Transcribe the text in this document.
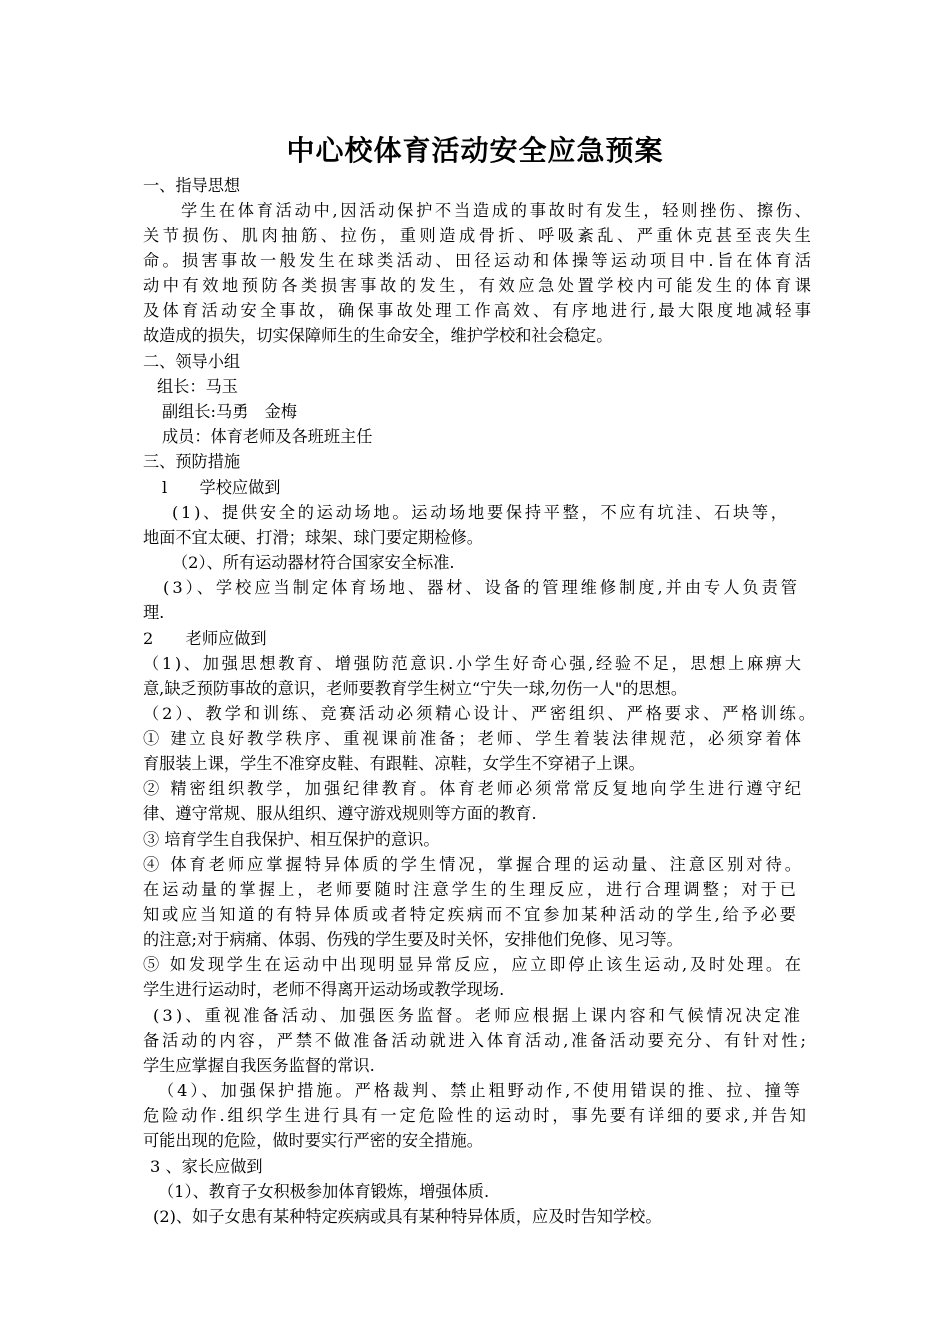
中心校体育活动安全应急预案
一、指导思想
学生在体育活动中,因活动保护不当造成的事故时有发生，轻则挫伤、擦伤、
关节损伤、肌肉抽筋、拉伤，重则造成骨折、呼吸紊乱、严重休克甚至丧失生
命。损害事故一般发生在球类活动、田径运动和体操等运动项目中.旨在体育活
动中有效地预防各类损害事故的发生，有效应急处置学校内可能发生的体育课
及体育活动安全事故，确保事故处理工作高效、有序地进行,最大限度地减轻事
故造成的损失，切实保障师生的生命安全，维护学校和社会稳定。
二、领导小组
组长：马玉
副组长:马勇　金梅
成员：体育老师及各班班主任
三、预防措施
l　　学校应做到
(1)、提供安全的运动场地。运动场地要保持平整，不应有坑洼、石块等，
地面不宜太硬、打滑；球架、球门要定期检修。
（2）、所有运动器材符合国家安全标准.
(3）、学校应当制定体育场地、器材、设备的管理维修制度,并由专人负责管
理.
2　　老师应做到
（1)、加强思想教育、增强防范意识.小学生好奇心强,经验不足，思想上麻痹大
意,缺乏预防事故的意识，老师要教育学生树立“宁失一球,勿伤一人"的思想。
（2）、教学和训练、竞赛活动必须精心设计、严密组织、严格要求、严格训练。
① 建立良好教学秩序、重视课前准备；老师、学生着装法律规范，必须穿着体
育服装上课，学生不准穿皮鞋、有跟鞋、凉鞋，女学生不穿裙子上课。
② 精密组织教学，加强纪律教育。体育老师必须常常反复地向学生进行遵守纪
律、遵守常规、服从组织、遵守游戏规则等方面的教育.
③ 培育学生自我保护、相互保护的意识。
④ 体育老师应掌握特异体质的学生情况，掌握合理的运动量、注意区别对待。
在运动量的掌握上，老师要随时注意学生的生理反应，进行合理调整；对于已
知或应当知道的有特异体质或者特定疾病而不宜参加某种活动的学生,给予必要
的注意;对于病痛、体弱、伤残的学生要及时关怀，安排他们免修、见习等。
⑤ 如发现学生在运动中出现明显异常反应，应立即停止该生运动,及时处理。在
学生进行运动时，老师不得离开运动场或教学现场.
(3)、重视准备活动、加强医务监督。老师应根据上课内容和气候情况决定准
备活动的内容，严禁不做准备活动就进入体育活动,准备活动要充分、有针对性;
学生应掌握自我医务监督的常识.
（4）、加强保护措施。严格裁判、禁止粗野动作,不使用错误的推、拉、撞等
危险动作.组织学生进行具有一定危险性的运动时，事先要有详细的要求,并告知
可能出现的危险，做时要实行严密的安全措施。
3 、家长应做到
（1）、教育子女积极参加体育锻炼，增强体质.
(2)、如子女患有某种特定疾病或具有某种特异体质，应及时告知学校。
